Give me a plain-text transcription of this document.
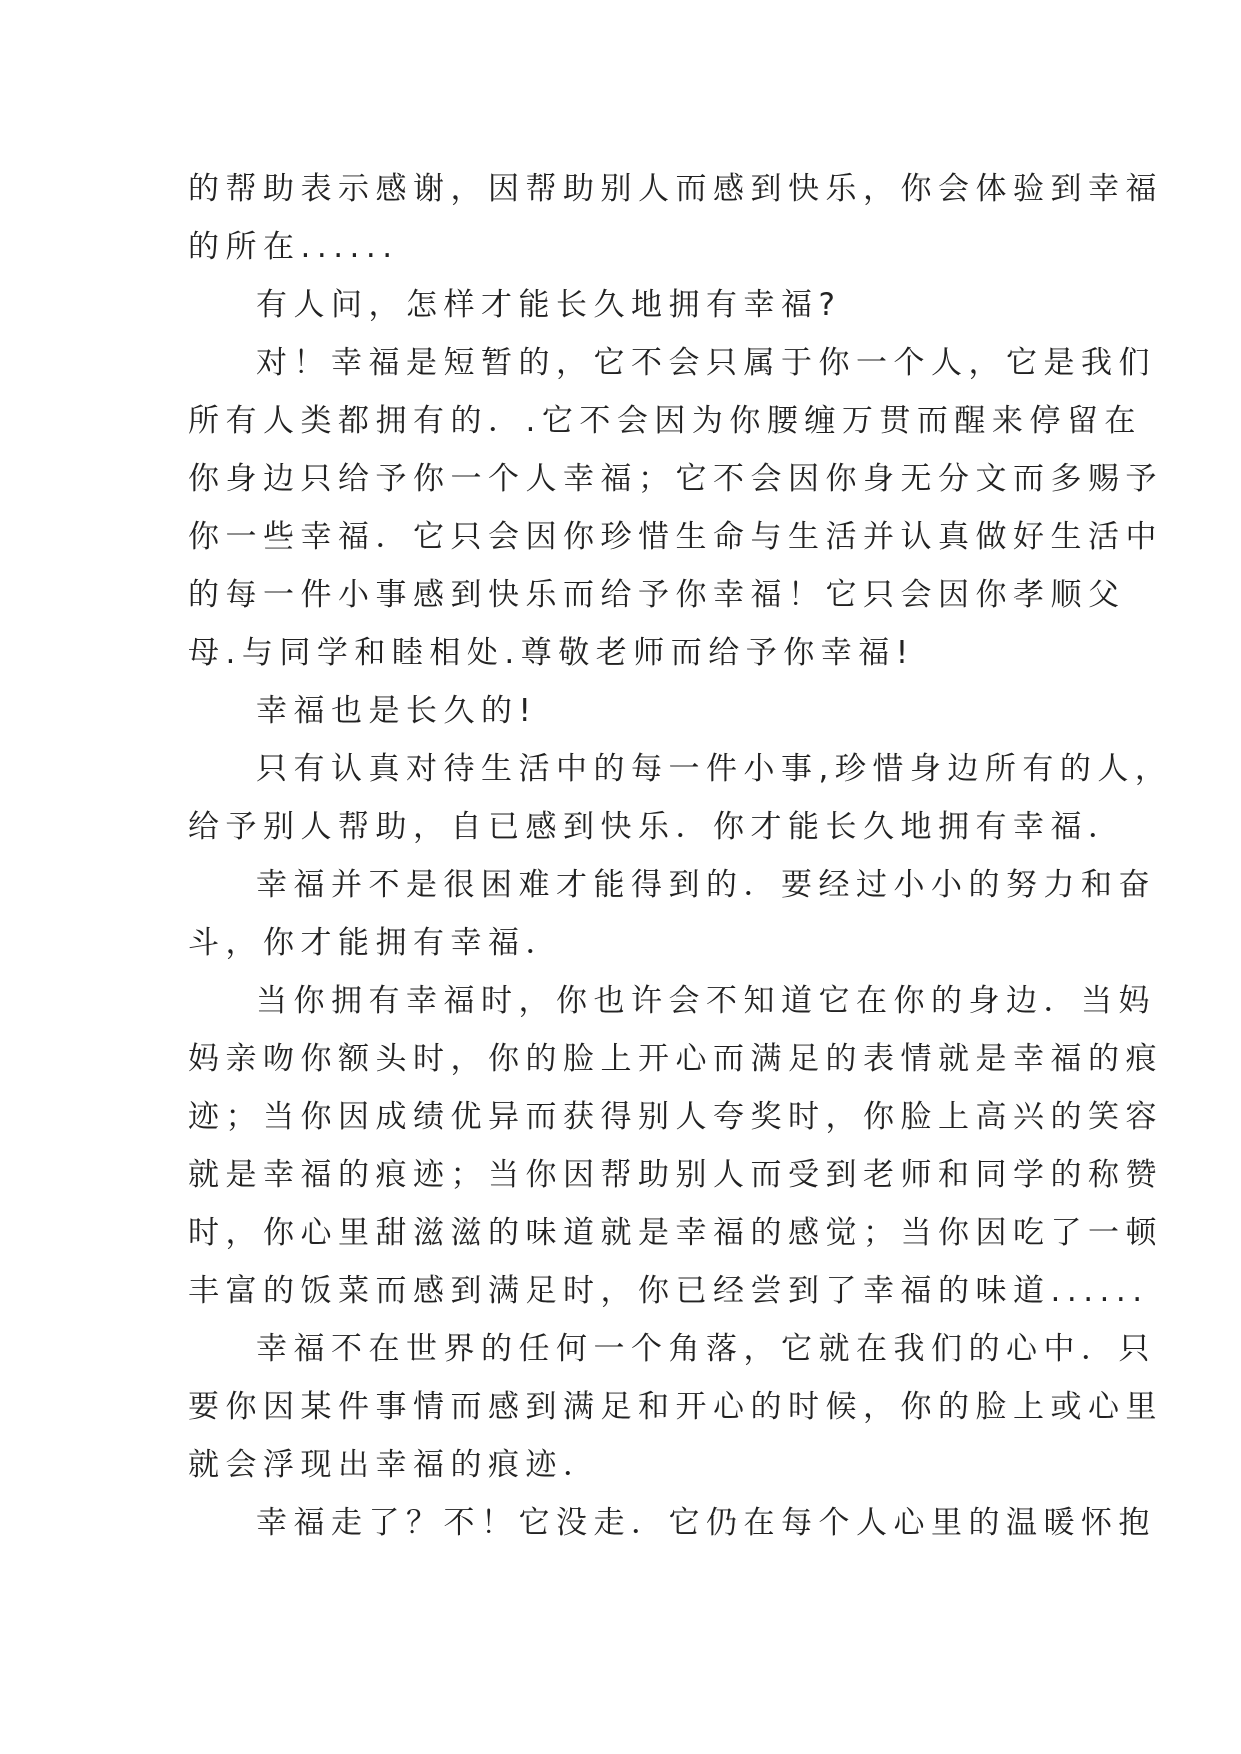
的帮助表示感谢，因帮助别人而感到快乐，你会体验到幸福
的所在......
有人问，怎样才能长久地拥有幸福?
对！幸福是短暂的，它不会只属于你一个人，它是我们
所有人类都拥有的．.它不会因为你腰缠万贯而醒来停留在
你身边只给予你一个人幸福；它不会因你身无分文而多赐予
你一些幸福．它只会因你珍惜生命与生活并认真做好生活中
的每一件小事感到快乐而给予你幸福！它只会因你孝顺父
母.与同学和睦相处.尊敬老师而给予你幸福!
幸福也是长久的!
只有认真对待生活中的每一件小事,珍惜身边所有的人，
给予别人帮助，自已感到快乐．你才能长久地拥有幸福．
幸福并不是很困难才能得到的．要经过小小的努力和奋
斗，你才能拥有幸福．
当你拥有幸福时，你也许会不知道它在你的身边．当妈
妈亲吻你额头时，你的脸上开心而满足的表情就是幸福的痕
迹；当你因成绩优异而获得别人夸奖时，你脸上高兴的笑容
就是幸福的痕迹；当你因帮助别人而受到老师和同学的称赞
时，你心里甜滋滋的味道就是幸福的感觉；当你因吃了一顿
丰富的饭菜而感到满足时，你已经尝到了幸福的味道......
幸福不在世界的任何一个角落，它就在我们的心中．只
要你因某件事情而感到满足和开心的时候，你的脸上或心里
就会浮现出幸福的痕迹．
幸福走了？不！它没走．它仍在每个人心里的温暖怀抱
